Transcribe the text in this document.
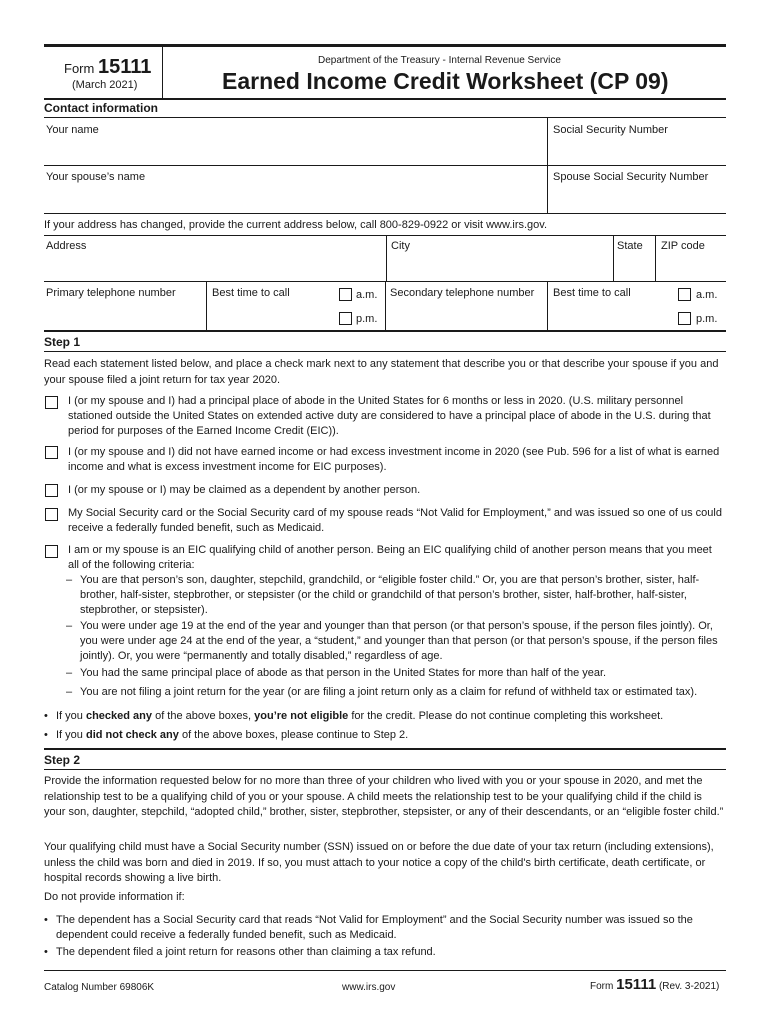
Form 15111
(March 2021)
Department of the Treasury - Internal Revenue Service
Earned Income Credit Worksheet (CP 09)
Contact information
Your name	Social Security Number
Your spouse’s name	Spouse Social Security Number
If your address has changed, provide the current address below, call 800-829-0922 or visit www.irs.gov.
Address	City	State ZIP code
Primary telephone number	Best time to call	a.m.
p.m.
Secondary telephone number Best time to call	a.m.
p.m.
Step 1
Read each statement listed below, and place a check mark next to any statement that describe you or that describe your spouse if you and your spouse filed a joint return for tax year 2020.
I (or my spouse and I) had a principal place of abode in the United States for 6 months or less in 2020. (U.S. military personnel stationed outside the United States on extended active duty are considered to have a principal place of abode in the U.S. during that period for purposes of the Earned Income Credit (EIC)).
I (or my spouse and I) did not have earned income or had excess investment income in 2020 (see Pub. 596 for a list of what is earned income and what is excess investment income for EIC purposes).
I (or my spouse or I) may be claimed as a dependent by another person.
My Social Security card or the Social Security card of my spouse reads “Not Valid for Employment,” and was issued so one of us could receive a federally funded benefit, such as Medicaid.
I am or my spouse is an EIC qualifying child of another person. Being an EIC qualifying child of another person means that you meet all of the following criteria:
– You are that person’s son, daughter, stepchild, grandchild, or “eligible foster child.” Or, you are that person’s brother, sister, half-brother, half-sister, stepbrother, or stepsister (or the child or grandchild of that person’s brother, sister, half-brother, half-sister, stepbrother, or stepsister).
– You were under age 19 at the end of the year and younger than that person (or that person’s spouse, if the person files jointly). Or, you were under age 24 at the end of the year, a “student,” and younger than that person (or that person’s spouse, if the person files jointly). Or, you were “permanently and totally disabled,” regardless of age.
– You had the same principal place of abode as that person in the United States for more than half of the year.
– You are not filing a joint return for the year (or are filing a joint return only as a claim for refund of withheld tax or estimated tax).
• If you checked any of the above boxes, you’re not eligible for the credit. Please do not continue completing this worksheet.
• If you did not check any of the above boxes, please continue to Step 2.
Step 2
Provide the information requested below for no more than three of your children who lived with you or your spouse in 2020, and met the relationship test to be a qualifying child of you or your spouse. A child meets the relationship test to be your qualifying child if the child is your son, daughter, stepchild, “adopted child,” brother, sister, stepbrother, stepsister, or any of their descendants, or an “eligible foster child.”
Your qualifying child must have a Social Security number (SSN) issued on or before the due date of your tax return (including extensions), unless the child was born and died in 2019. If so, you must attach to your notice a copy of the child's birth certificate, death certificate, or hospital records showing a live birth.
Do not provide information if:
• The dependent has a Social Security card that reads “Not Valid for Employment” and the Social Security number was issued so the dependent could receive a federally funded benefit, such as Medicaid.
• The dependent filed a joint return for reasons other than claiming a tax refund.
Catalog Number 69806K	www.irs.gov	Form 15111 (Rev. 3-2021)
